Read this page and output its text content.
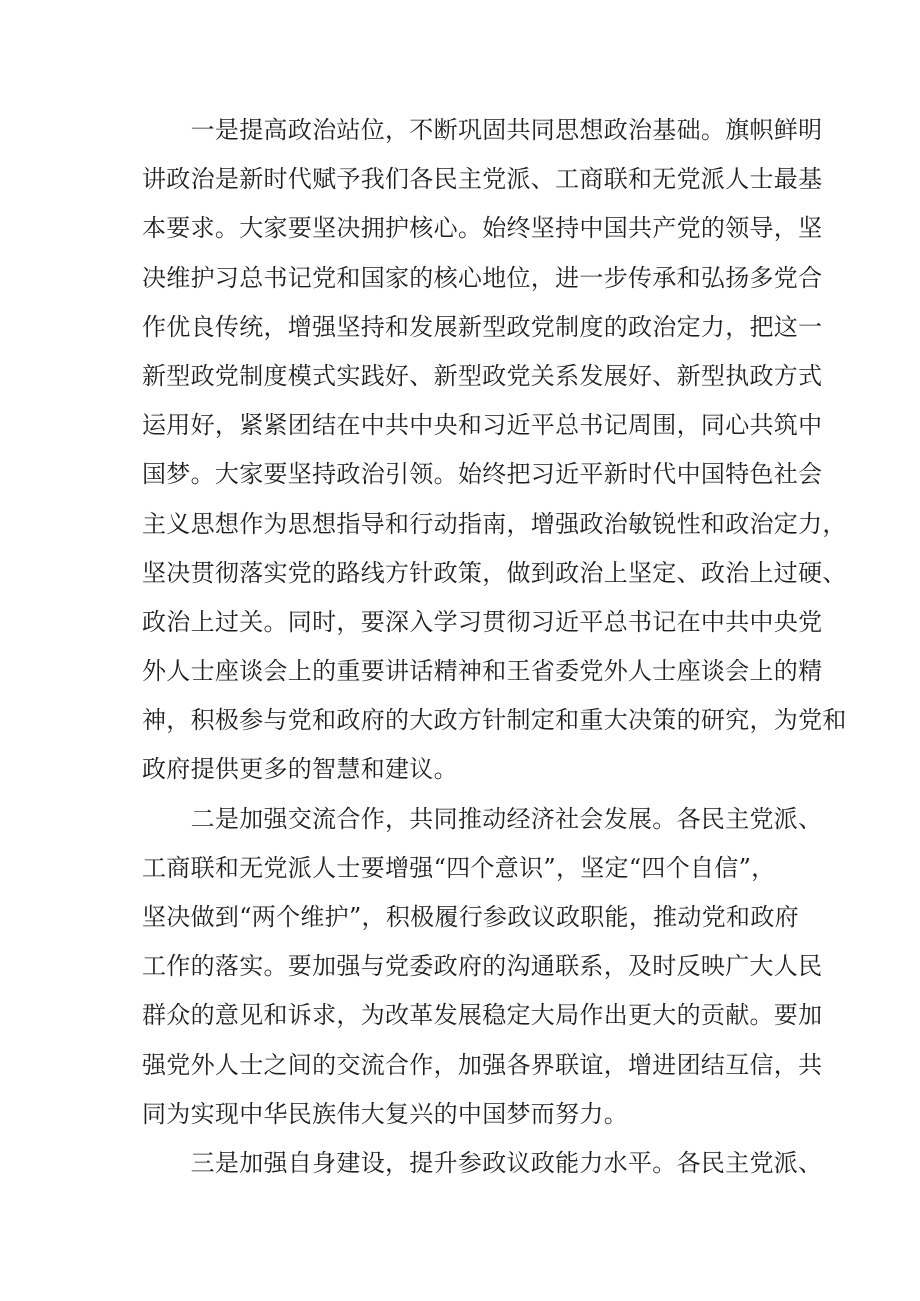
　　一是提高政治站位，不断巩固共同思想政治基础。旗帜鲜明
讲政治是新时代赋予我们各民主党派、工商联和无党派人士最基
本要求。大家要坚决拥护核心。始终坚持中国共产党的领导，坚
决维护习总书记党和国家的核心地位，进一步传承和弘扬多党合
作优良传统，增强坚持和发展新型政党制度的政治定力，把这一
新型政党制度模式实践好、新型政党关系发展好、新型执政方式
运用好，紧紧团结在中共中央和习近平总书记周围，同心共筑中
国梦。大家要坚持政治引领。始终把习近平新时代中国特色社会
主义思想作为思想指导和行动指南，增强政治敏锐性和政治定力，
坚决贯彻落实党的路线方针政策，做到政治上坚定、政治上过硬、
政治上过关。同时，要深入学习贯彻习近平总书记在中共中央党
外人士座谈会上的重要讲话精神和王省委党外人士座谈会上的精
神，积极参与党和政府的大政方针制定和重大决策的研究，为党和
政府提供更多的智慧和建议。
　　二是加强交流合作，共同推动经济社会发展。各民主党派、
工商联和无党派人士要增强“四个意识”，坚定“四个自信”，
坚决做到“两个维护”，积极履行参政议政职能，推动党和政府
工作的落实。要加强与党委政府的沟通联系，及时反映广大人民
群众的意见和诉求，为改革发展稳定大局作出更大的贡献。要加
强党外人士之间的交流合作，加强各界联谊，增进团结互信，共
同为实现中华民族伟大复兴的中国梦而努力。
　　三是加强自身建设，提升参政议政能力水平。各民主党派、
